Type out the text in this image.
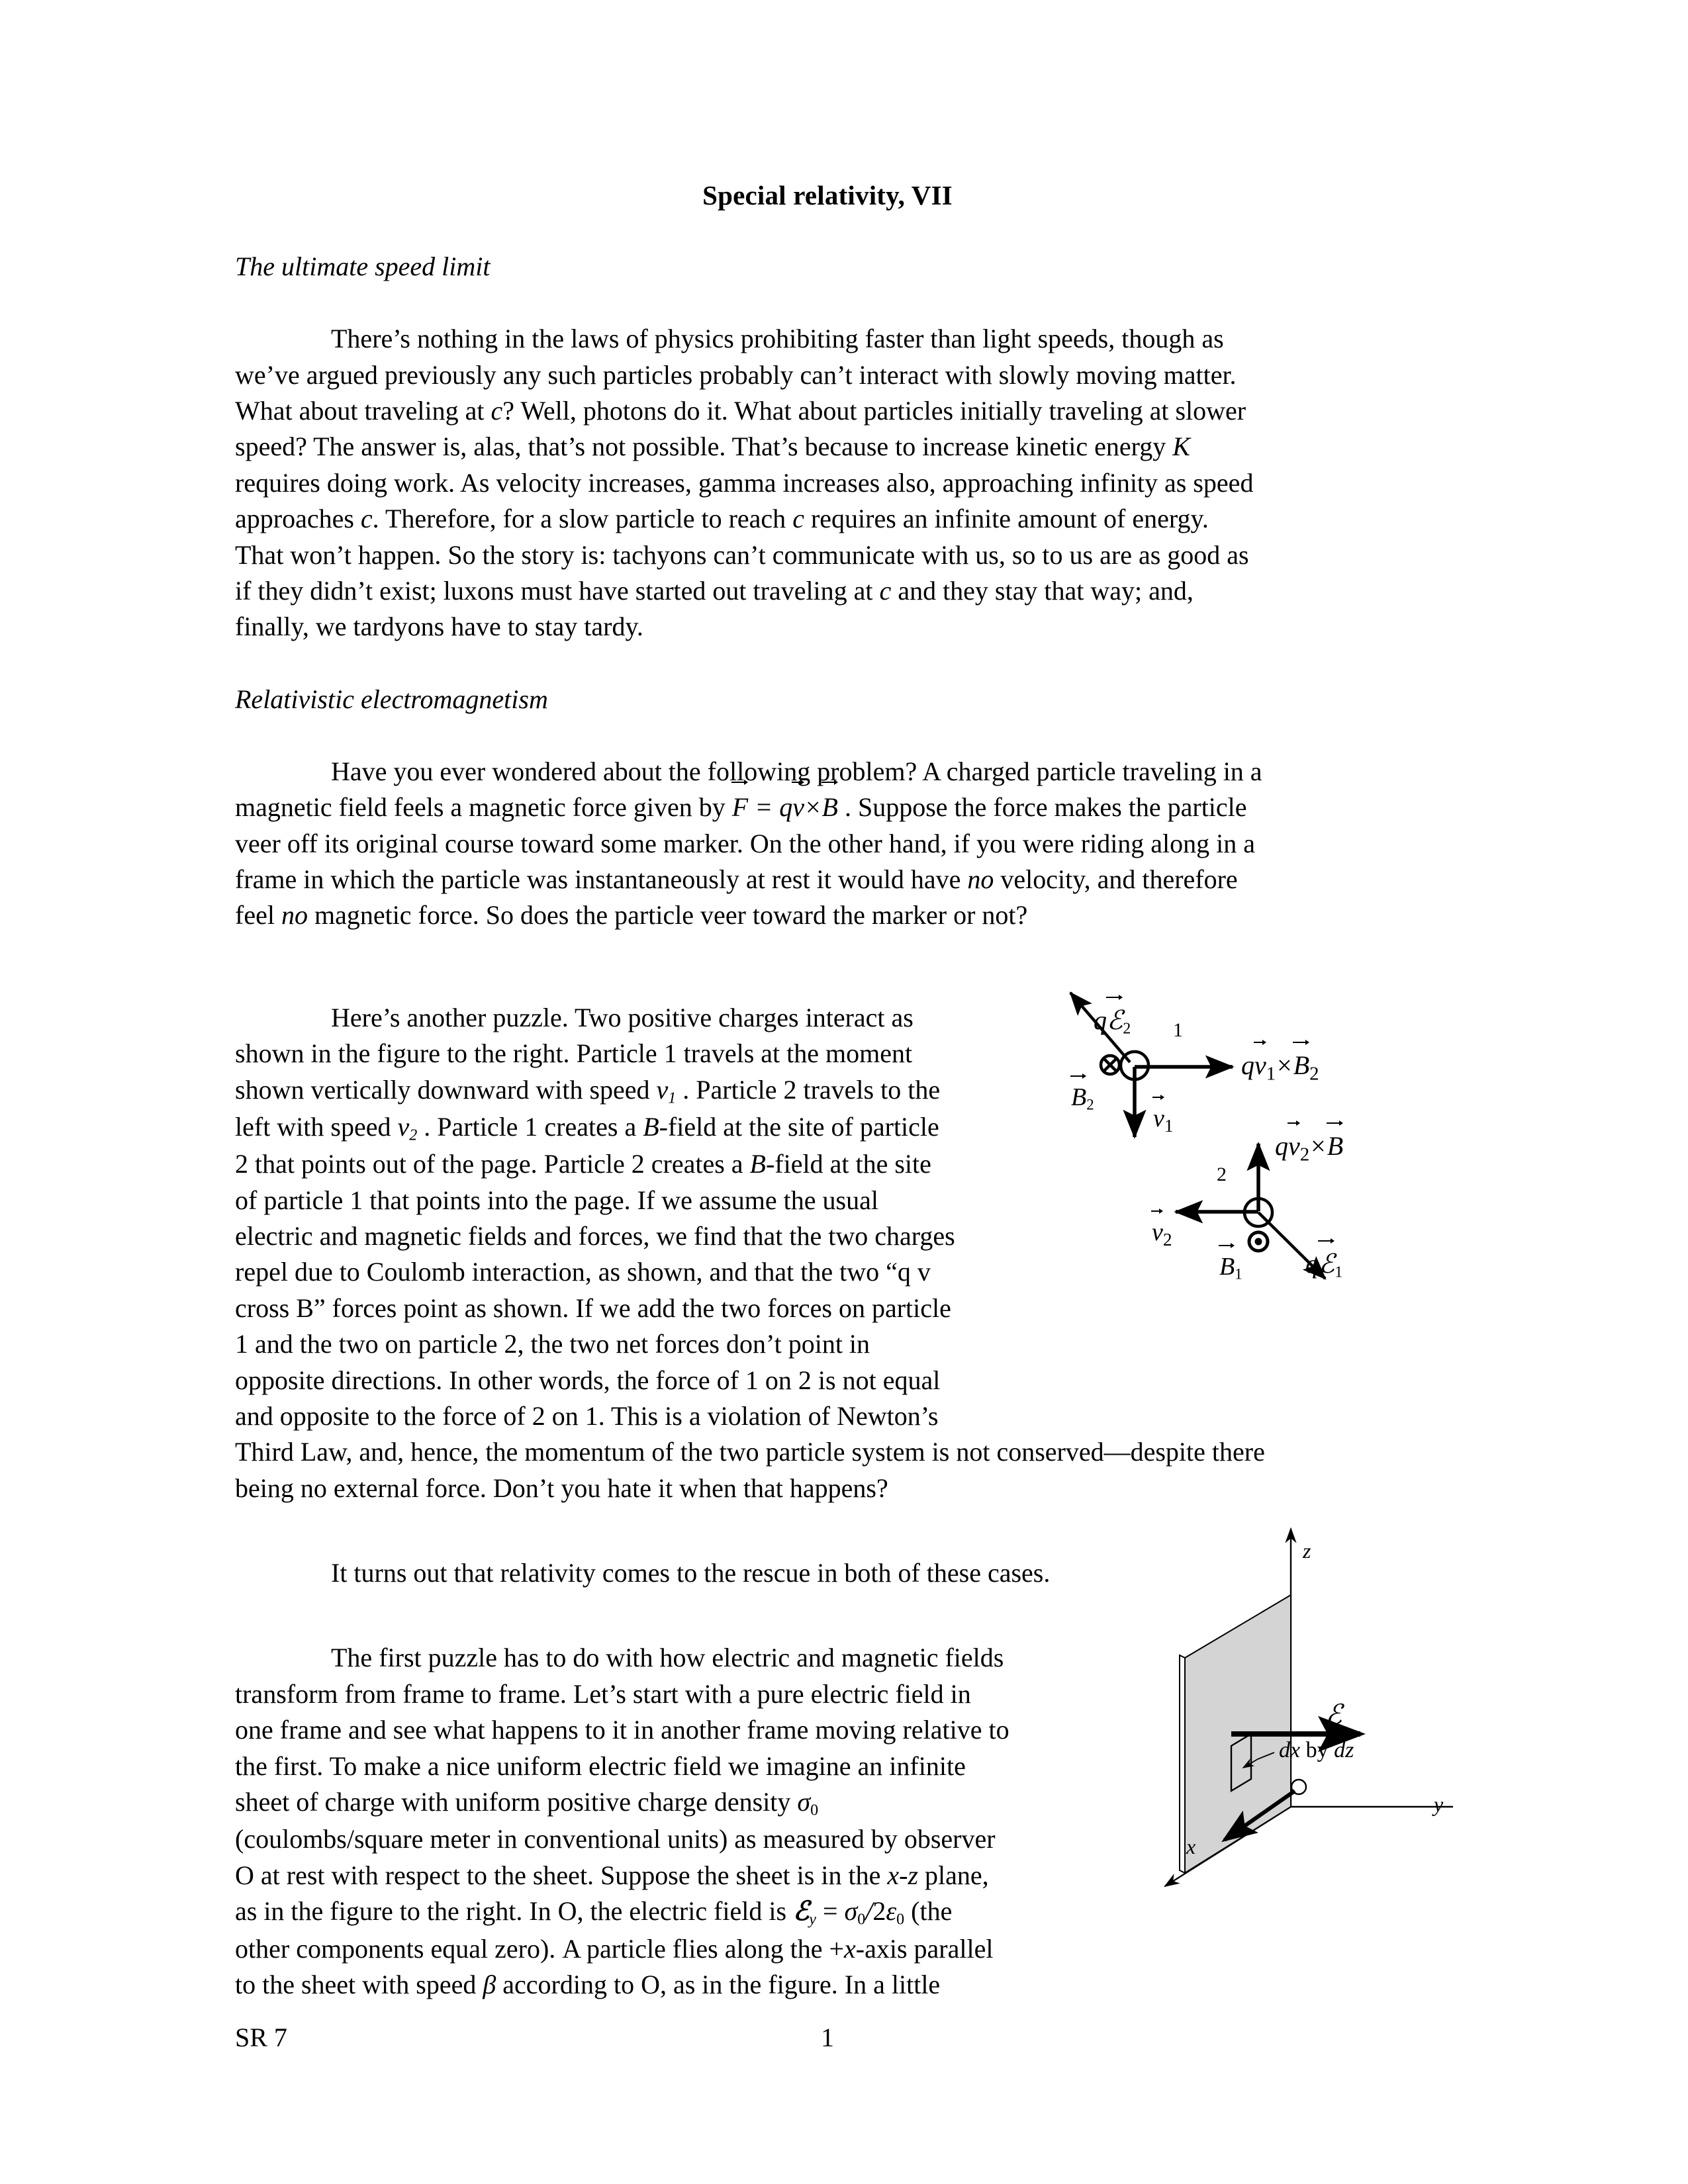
qℰ$_2$ 1
$qv_1\times B_2$
$B_2$
$v_1$
2
$qv_2\times B$
$v_2$
$B_1$ qℰ$_1$
z
y
x
ℰ
dx by dz
Special relativity, VII
The ultimate speed limit

There’s nothing in the laws of physics prohibiting faster than light speeds, though as
we’ve argued previously any such particles probably can’t interact with slowly moving matter.
What about traveling at c? Well, photons do it. What about particles initially traveling at slower
speed? The answer is, alas, that’s not possible. That’s because to increase kinetic energy K
requires doing work. As velocity increases, gamma increases also, approaching infinity as speed
approaches c. Therefore, for a slow particle to reach c requires an infinite amount of energy.
That won’t happen. So the story is: tachyons can’t communicate with us, so to us are as good as
if they didn’t exist; luxons must have started out traveling at c and they stay that way; and,
finally, we tardyons have to stay tardy.

Relativistic electromagnetism

Have you ever wondered about the following problem? A charged particle traveling in a
magnetic field feels a magnetic force given by F = qv×B . Suppose the force makes the particle
veer off its original course toward some marker. On the other hand, if you were riding along in a
frame in which the particle was instantaneously at rest it would have no velocity, and therefore
feel no magnetic force. So does the particle veer toward the marker or not?

Here’s another puzzle. Two positive charges interact as
shown in the figure to the right. Particle 1 travels at the moment
shown vertically downward with speed $v_1$ . Particle 2 travels to the
left with speed $v_2$ . Particle 1 creates a B-field at the site of particle
2 that points out of the page. Particle 2 creates a B-field at the site
of particle 1 that points into the page. If we assume the usual
electric and magnetic fields and forces, we find that the two charges
repel due to Coulomb interaction, as shown, and that the two “q v
cross B” forces point as shown. If we add the two forces on particle
1 and the two on particle 2, the two net forces don’t point in
opposite directions. In other words, the force of 1 on 2 is not equal
and opposite to the force of 2 on 1. This is a violation of Newton’s
Third Law, and, hence, the momentum of the two particle system is not conserved—despite there
being no external force. Don’t you hate it when that happens?

It turns out that relativity comes to the rescue in both of these cases.

The first puzzle has to do with how electric and magnetic fields
transform from frame to frame. Let’s start with a pure electric field in
one frame and see what happens to it in another frame moving relative to
the first. To make a nice uniform electric field we imagine an infinite
sheet of charge with uniform positive charge density $\sigma_0$
(coulombs/square meter in conventional units) as measured by observer
O at rest with respect to the sheet. Suppose the sheet is in the x-z plane,
as in the figure to the right. In O, the electric field is ℰ$_y$ = $\sigma_0/2\varepsilon_0$ (the
other components equal zero). A particle flies along the +x-axis parallel
to the sheet with speed β according to O, as in the figure. In a little

SR 7	1
